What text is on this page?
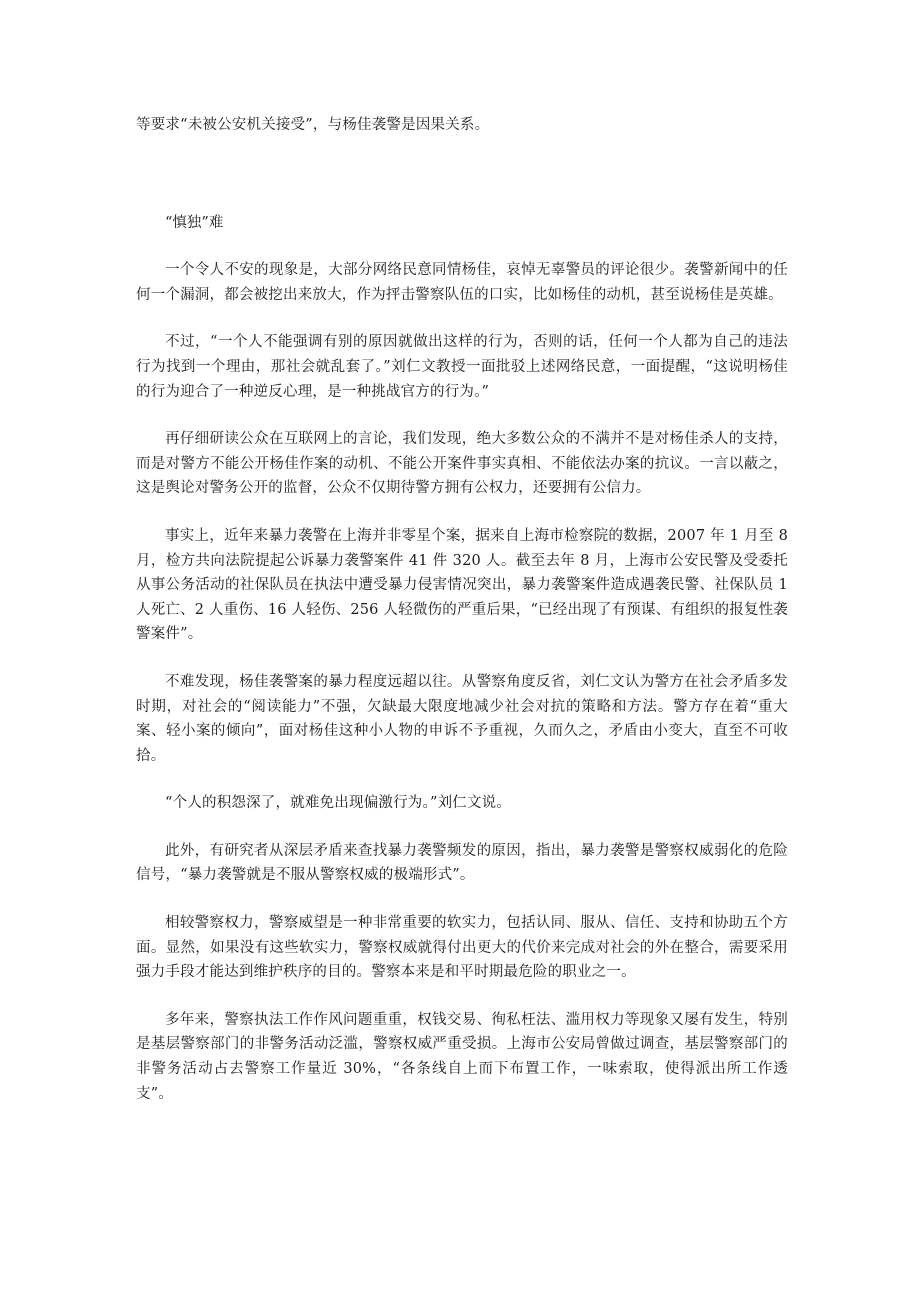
等要求“未被公安机关接受”，与杨佳袭警是因果关系。

“慎独”难

一个令人不安的现象是，大部分网络民意同情杨佳，哀悼无辜警员的评论很少。袭警新闻中的任何一个漏洞，都会被挖出来放大，作为抨击警察队伍的口实，比如杨佳的动机，甚至说杨佳是英雄。

不过，“一个人不能强调有别的原因就做出这样的行为，否则的话，任何一个人都为自己的违法行为找到一个理由，那社会就乱套了。”刘仁文教授一面批驳上述网络民意，一面提醒，“这说明杨佳的行为迎合了一种逆反心理，是一种挑战官方的行为。”

再仔细研读公众在互联网上的言论，我们发现，绝大多数公众的不满并不是对杨佳杀人的支持，而是对警方不能公开杨佳作案的动机、不能公开案件事实真相、不能依法办案的抗议。一言以蔽之，这是舆论对警务公开的监督，公众不仅期待警方拥有公权力，还要拥有公信力。

事实上，近年来暴力袭警在上海并非零星个案，据来自上海市检察院的数据，2007 年 1 月至 8 月，检方共向法院提起公诉暴力袭警案件 41 件 320 人。截至去年 8 月，上海市公安民警及受委托从事公务活动的社保队员在执法中遭受暴力侵害情况突出，暴力袭警案件造成遇袭民警、社保队员 1 人死亡、2 人重伤、16 人轻伤、256 人轻微伤的严重后果，“已经出现了有预谋、有组织的报复性袭警案件”。

不难发现，杨佳袭警案的暴力程度远超以往。从警察角度反省，刘仁文认为警方在社会矛盾多发时期，对社会的“阅读能力”不强，欠缺最大限度地减少社会对抗的策略和方法。警方存在着“重大案、轻小案的倾向”，面对杨佳这种小人物的申诉不予重视，久而久之，矛盾由小变大，直至不可收拾。

“个人的积怨深了，就难免出现偏激行为。”刘仁文说。

此外，有研究者从深层矛盾来查找暴力袭警频发的原因，指出，暴力袭警是警察权威弱化的危险信号，“暴力袭警就是不服从警察权威的极端形式”。

相较警察权力，警察威望是一种非常重要的软实力，包括认同、服从、信任、支持和协助五个方面。显然，如果没有这些软实力，警察权威就得付出更大的代价来完成对社会的外在整合，需要采用强力手段才能达到维护秩序的目的。警察本来是和平时期最危险的职业之一。

多年来，警察执法工作作风问题重重，权钱交易、徇私枉法、滥用权力等现象又屡有发生，特别是基层警察部门的非警务活动泛滥，警察权威严重受损。上海市公安局曾做过调查，基层警察部门的非警务活动占去警察工作量近 30%，“各条线自上而下布置工作，一味索取，使得派出所工作透支”。
